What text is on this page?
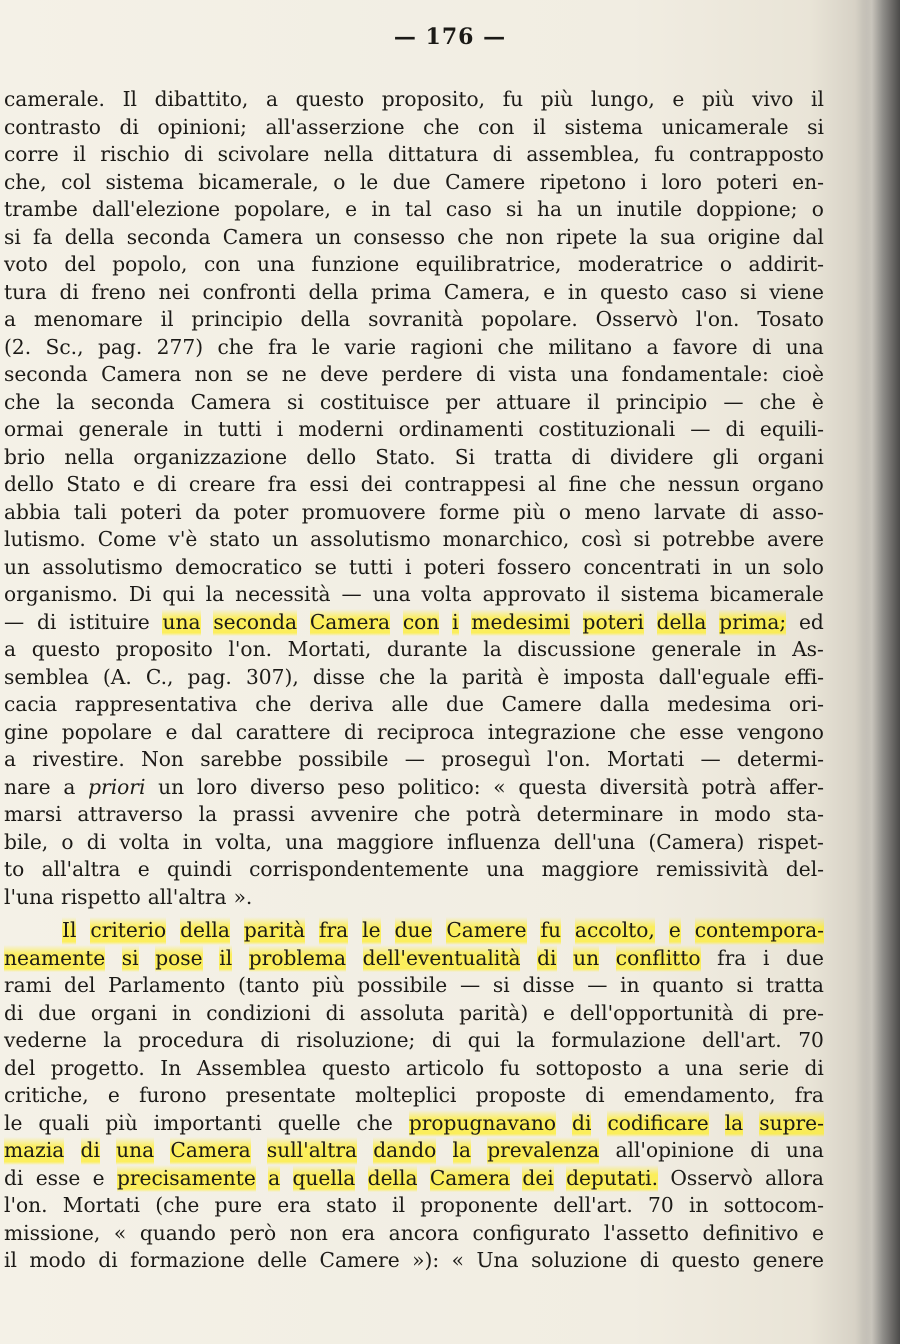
— 176 —
camerale. Il dibattito, a questo proposito, fu più lungo, e più vivo il
contrasto di opinioni; all'asserzione che con il sistema unicamerale si
corre il rischio di scivolare nella dittatura di assemblea, fu contrapposto
che, col sistema bicamerale, o le due Camere ripetono i loro poteri en-
trambe dall'elezione popolare, e in tal caso si ha un inutile doppione; o
si fa della seconda Camera un consesso che non ripete la sua origine dal
voto del popolo, con una funzione equilibratrice, moderatrice o addirit-
tura di freno nei confronti della prima Camera, e in questo caso si viene
a menomare il principio della sovranità popolare. Osservò l'on. Tosato
(2. Sc., pag. 277) che fra le varie ragioni che militano a favore di una
seconda Camera non se ne deve perdere di vista una fondamentale: cioè
che la seconda Camera si costituisce per attuare il principio — che è
ormai generale in tutti i moderni ordinamenti costituzionali — di equili-
brio nella organizzazione dello Stato. Si tratta di dividere gli organi
dello Stato e di creare fra essi dei contrappesi al fine che nessun organo
abbia tali poteri da poter promuovere forme più o meno larvate di asso-
lutismo. Come v'è stato un assolutismo monarchico, così si potrebbe avere
un assolutismo democratico se tutti i poteri fossero concentrati in un solo
organismo. Di qui la necessità — una volta approvato il sistema bicamerale
— di istituire una seconda Camera con i medesimi poteri della prima; ed
a questo proposito l'on. Mortati, durante la discussione generale in As-
semblea (A. C., pag. 307), disse che la parità è imposta dall'eguale effi-
cacia rappresentativa che deriva alle due Camere dalla medesima ori-
gine popolare e dal carattere di reciproca integrazione che esse vengono
a rivestire. Non sarebbe possibile — proseguì l'on. Mortati — determi-
nare a priori un loro diverso peso politico: « questa diversità potrà affer-
marsi attraverso la prassi avvenire che potrà determinare in modo sta-
bile, o di volta in volta, una maggiore influenza dell'una (Camera) rispet-
to all'altra e quindi corrispondentemente una maggiore remissività del-
l'una rispetto all'altra ».
Il criterio della parità fra le due Camere fu accolto, e contempora-
neamente si pose il problema dell'eventualità di un conflitto fra i due
rami del Parlamento (tanto più possibile — si disse — in quanto si tratta
di due organi in condizioni di assoluta parità) e dell'opportunità di pre-
vederne la procedura di risoluzione; di qui la formulazione dell'art. 70
del progetto. In Assemblea questo articolo fu sottoposto a una serie di
critiche, e furono presentate molteplici proposte di emendamento, fra
le quali più importanti quelle che propugnavano di codificare la supre-
mazia di una Camera sull'altra dando la prevalenza all'opinione di una
di esse e precisamente a quella della Camera dei deputati. Osservò allora
l'on. Mortati (che pure era stato il proponente dell'art. 70 in sottocom-
missione, « quando però non era ancora configurato l'assetto definitivo e
il modo di formazione delle Camere »): « Una soluzione di questo genere
